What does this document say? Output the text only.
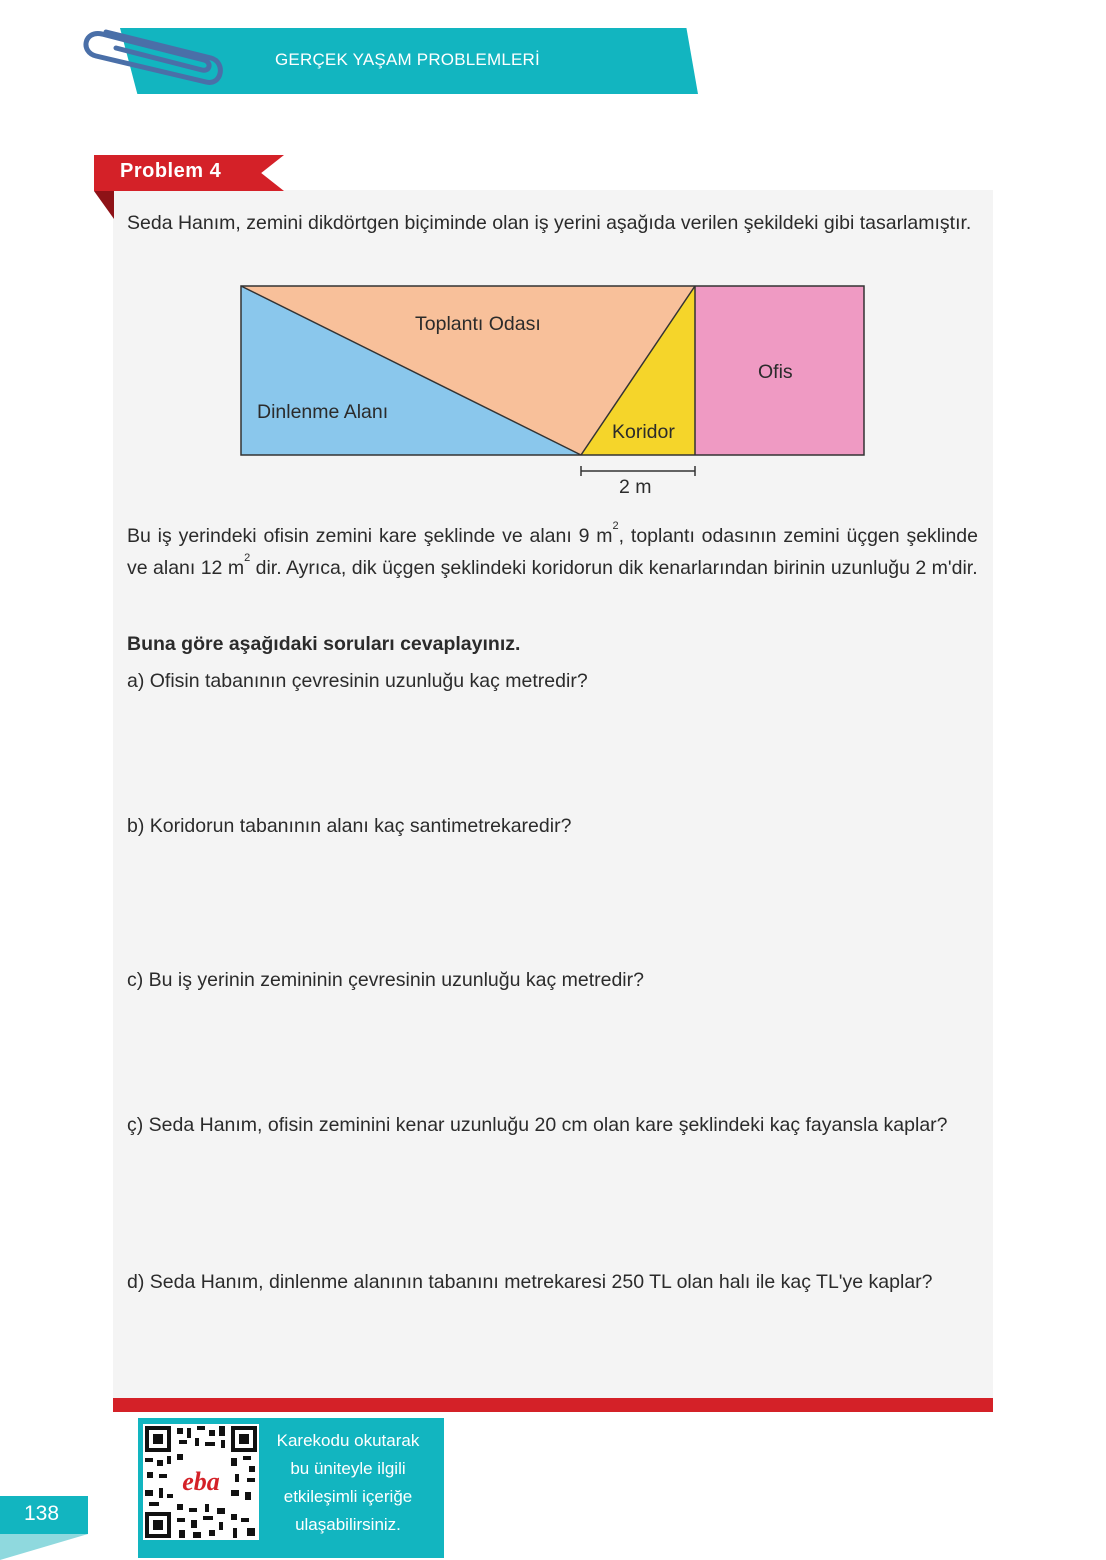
GERÇEK YAŞAM PROBLEMLERİ
Problem 4
Seda Hanım, zemini dikdörtgen biçiminde olan iş yerini aşağıda verilen şekildeki gibi tasarlamıştır.
Toplantı Odası
Dinlenme Alanı
Koridor
Ofis
2 m
Bu iş yerindeki ofisin zemini kare şeklinde ve alanı 9 $m^2$, toplantı odasının zemini üçgen şeklinde ve alanı 12 $m^2$ dir. Ayrıca, dik üçgen şeklindeki koridorun dik kenarlarından birinin uzunluğu 2 m'dir.
Buna göre aşağıdaki soruları cevaplayınız.
a) Ofisin tabanının çevresinin uzunluğu kaç metredir?
b) Koridorun tabanının alanı kaç santimetrekaredir?
c) Bu iş yerinin zemininin çevresinin uzunluğu kaç metredir?
ç) Seda Hanım, ofisin zeminini kenar uzunluğu 20 cm olan kare şeklindeki kaç fayansla kaplar?
d) Seda Hanım, dinlenme alanının tabanını metrekaresi 250 TL olan halı ile kaç TL'ye kaplar?
eba
Karekodu okutarak
bu üniteyle ilgili
etkileşimli içeriğe
ulaşabilirsiniz.
138
